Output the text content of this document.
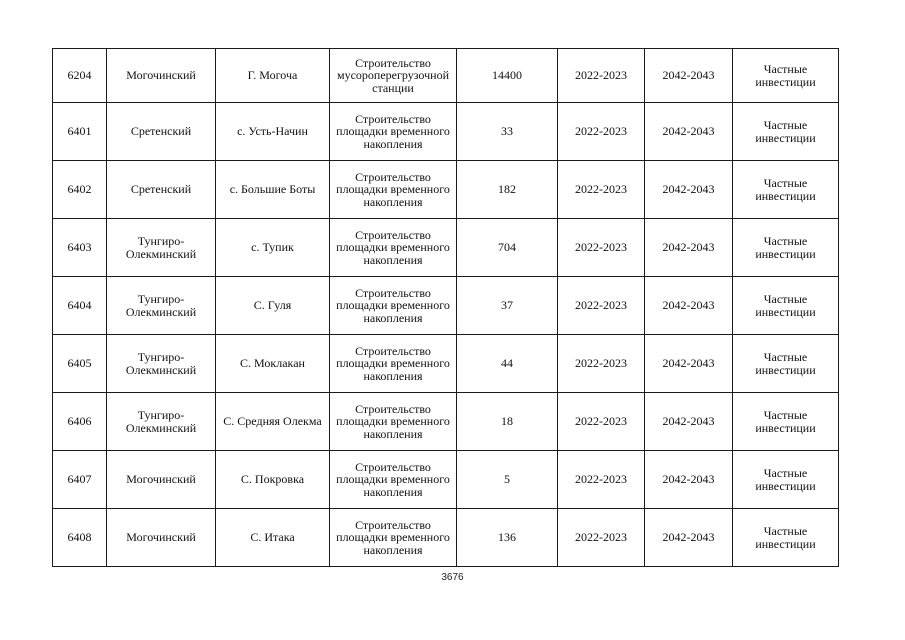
6204	Могочинский	Г. Могоча	Строительство мусороперегрузочной станции	14400	2022-2023	2042-2043	Частные инвестиции
6401	Сретенский	с. Усть-Начин	Строительство площадки временного накопления	33	2022-2023	2042-2043	Частные инвестиции
6402	Сретенский	с. Большие Боты	Строительство площадки временного накопления	182	2022-2023	2042-2043	Частные инвестиции
6403	Тунгиро-Олекминский	с. Тупик	Строительство площадки временного накопления	704	2022-2023	2042-2043	Частные инвестиции
6404	Тунгиро-Олекминский	С. Гуля	Строительство площадки временного накопления	37	2022-2023	2042-2043	Частные инвестиции
6405	Тунгиро-Олекминский	С. Моклакан	Строительство площадки временного накопления	44	2022-2023	2042-2043	Частные инвестиции
6406	Тунгиро-Олекминский	С. Средняя Олекма	Строительство площадки временного накопления	18	2022-2023	2042-2043	Частные инвестиции
6407	Могочинский	С. Покровка	Строительство площадки временного накопления	5	2022-2023	2042-2043	Частные инвестиции
6408	Могочинский	С. Итака	Строительство площадки временного накопления	136	2022-2023	2042-2043	Частные инвестиции
3676
